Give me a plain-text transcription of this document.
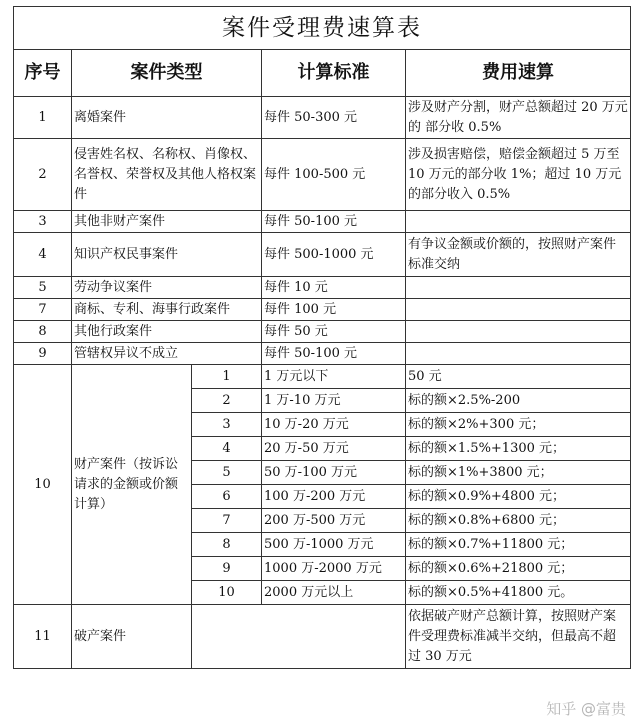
案件受理费速算表				
序号	案件类型		计算标准	费用速算
1	离婚案件		每件 50-300 元	涉及财产分割，财产总额超过 20 万元的 部分收 0.5%
2	侵害姓名权、名称权、肖像权、名誉权、荣誉权及其他人格权案件		每件 100-500 元	涉及损害赔偿，赔偿金额超过 5 万至 10 万元的部分收 1%；超过 10 万元的部分收入 0.5%
3	其他非财产案件		每件 50-100 元	
4	知识产权民事案件		每件 500-1000 元	有争议金额或价额的，按照财产案件标准交纳
5	劳动争议案件		每件 10 元	
7	商标、专利、海事行政案件		每件 100 元	
8	其他行政案件		每件 50 元	
9	管辖权异议不成立		每件 50-100 元	
10	财产案件（按诉讼请求的金额或价额计算）	1	1 万元以下	50 元
		2	1 万-10 万元	标的额×2.5%-200
		3	10 万-20 万元	标的额×2%+300 元；
		4	20 万-50 万元	标的额×1.5%+1300 元；
		5	50 万-100 万元	标的额×1%+3800 元；
		6	100 万-200 万元	标的额×0.9%+4800 元；
		7	200 万-500 万元	标的额×0.8%+6800 元；
		8	500 万-1000 万元	标的额×0.7%+11800 元；
		9	1000 万-2000 万元	标的额×0.6%+21800 元；
		10	2000 万元以上	标的额×0.5%+41800 元。
11	破产案件			依据破产财产总额计算，按照财产案件受理费标准减半交纳，但最高不超过 30 万元
知乎 @富贵
